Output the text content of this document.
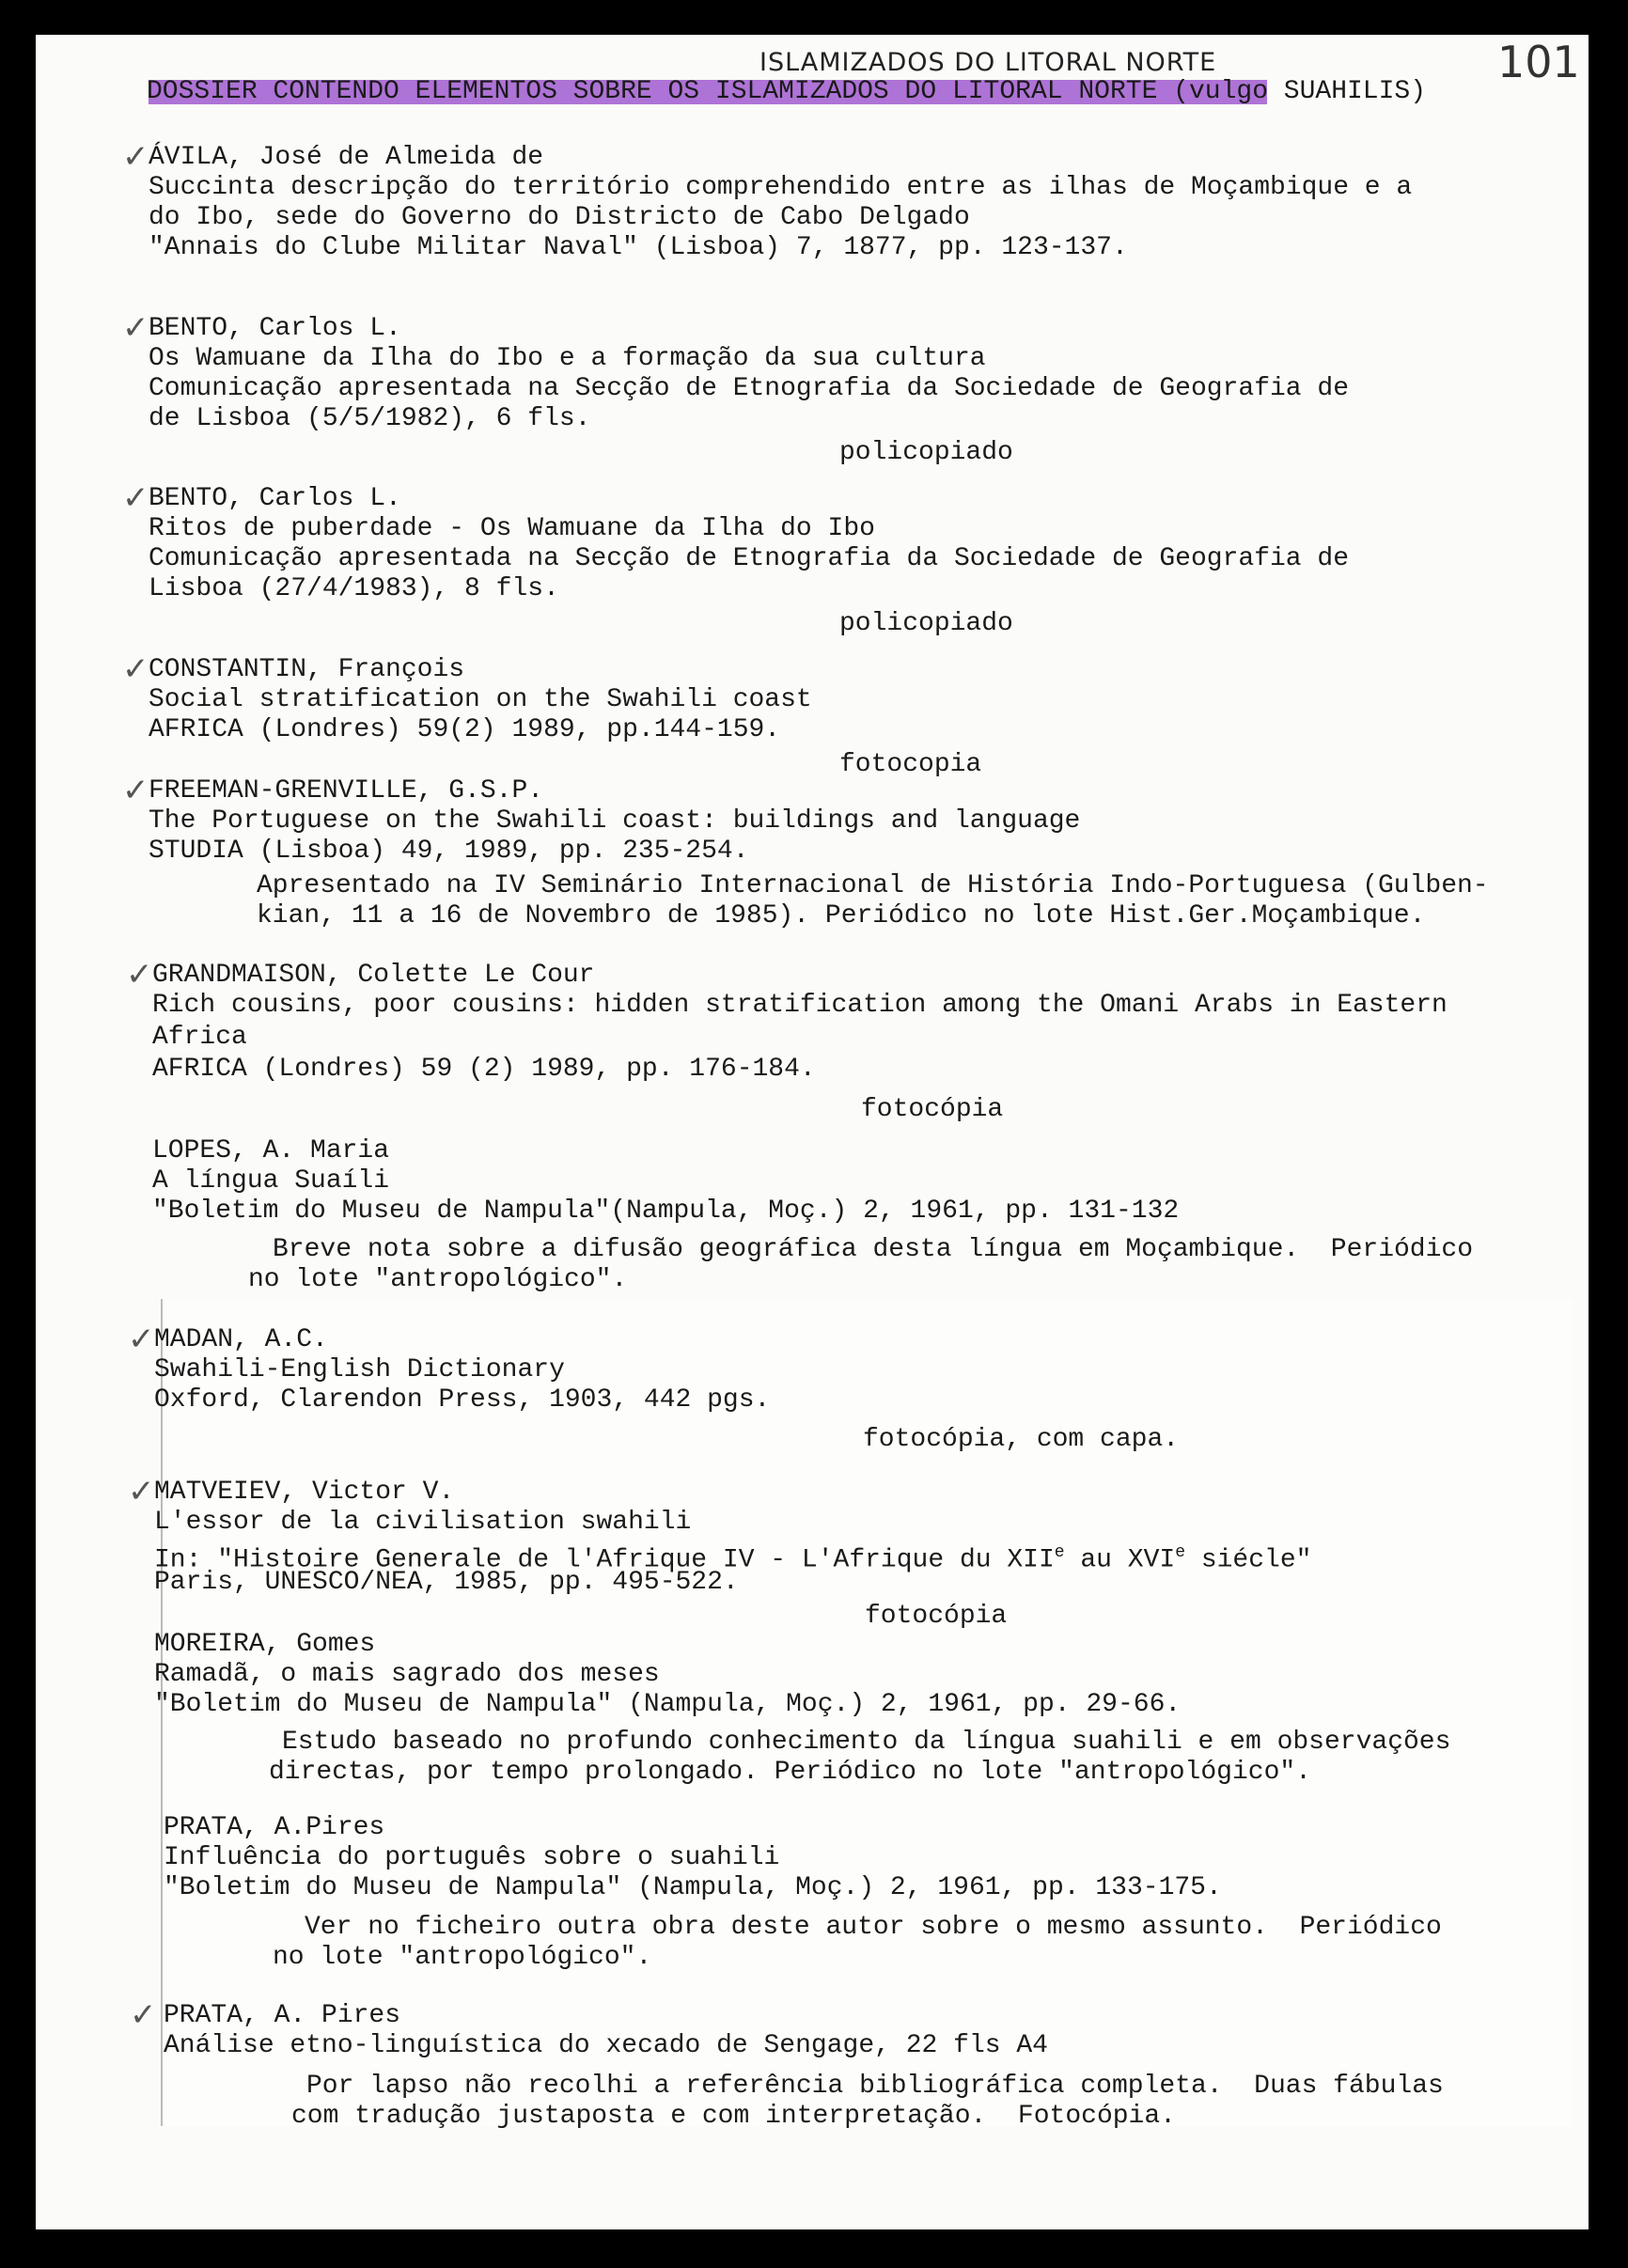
ISLAMIZADOS DO LITORAL NORTE	101
DOSSIER CONTENDO ELEMENTOS SOBRE OS ISLAMIZADOS DO LITORAL NORTE (vulgo SUAHILIS)
✓ ÁVILA, José de Almeida de
Succinta descripção do território comprehendido entre as ilhas de Moçambique e a
do Ibo, sede do Governo do Districto de Cabo Delgado
"Annais do Clube Militar Naval" (Lisboa) 7, 1877, pp. 123-137.
✓ BENTO, Carlos L.
Os Wamuane da Ilha do Ibo e a formação da sua cultura
Comunicação apresentada na Secção de Etnografia da Sociedade de Geografia de
de Lisboa (5/5/1982), 6 fls.
policopiado
✓ BENTO, Carlos L.
Ritos de puberdade - Os Wamuane da Ilha do Ibo
Comunicação apresentada na Secção de Etnografia da Sociedade de Geografia de
Lisboa (27/4/1983), 8 fls.
policopiado
✓ CONSTANTIN, François
Social stratification on the Swahili coast
AFRICA (Londres) 59(2) 1989, pp.144-159.
fotocopia
✓ FREEMAN-GRENVILLE, G.S.P.
The Portuguese on the Swahili coast: buildings and language
STUDIA (Lisboa) 49, 1989, pp. 235-254.
Apresentado na IV Seminário Internacional de História Indo-Portuguesa (Gulben-
kian, 11 a 16 de Novembro de 1985). Periódico no lote Hist.Ger.Moçambique.
✓ GRANDMAISON, Colette Le Cour
Rich cousins, poor cousins: hidden stratification among the Omani Arabs in Eastern
Africa
AFRICA (Londres) 59 (2) 1989, pp. 176-184.
fotocópia
LOPES, A. Maria
A língua Suaíli
"Boletim do Museu de Nampula"(Nampula, Moç.) 2, 1961, pp. 131-132
Breve nota sobre a difusão geográfica desta língua em Moçambique.  Periódico
no lote "antropológico".
✓ MADAN, A.C.
Swahili-English Dictionary
Oxford, Clarendon Press, 1903, 442 pgs.
fotocópia, com capa.
✓ MATVEIEV, Victor V.
L'essor de la civilisation swahili
In: "Histoire Generale de l'Afrique IV - L'Afrique du XIIe au XVIe siécle"
Paris, UNESCO/NEA, 1985, pp. 495-522.
fotocópia
MOREIRA, Gomes
Ramadã, o mais sagrado dos meses
"Boletim do Museu de Nampula" (Nampula, Moç.) 2, 1961, pp. 29-66.
Estudo baseado no profundo conhecimento da língua suahili e em observações
directas, por tempo prolongado. Periódico no lote "antropológico".
PRATA, A.Pires
Influência do português sobre o suahili
"Boletim do Museu de Nampula" (Nampula, Moç.) 2, 1961, pp. 133-175.
Ver no ficheiro outra obra deste autor sobre o mesmo assunto.  Periódico
no lote "antropológico".
✓ PRATA, A. Pires
Análise etno-linguística do xecado de Sengage, 22 fls A4
Por lapso não recolhi a referência bibliográfica completa.  Duas fábulas
com tradução justaposta e com interpretação.  Fotocópia.
